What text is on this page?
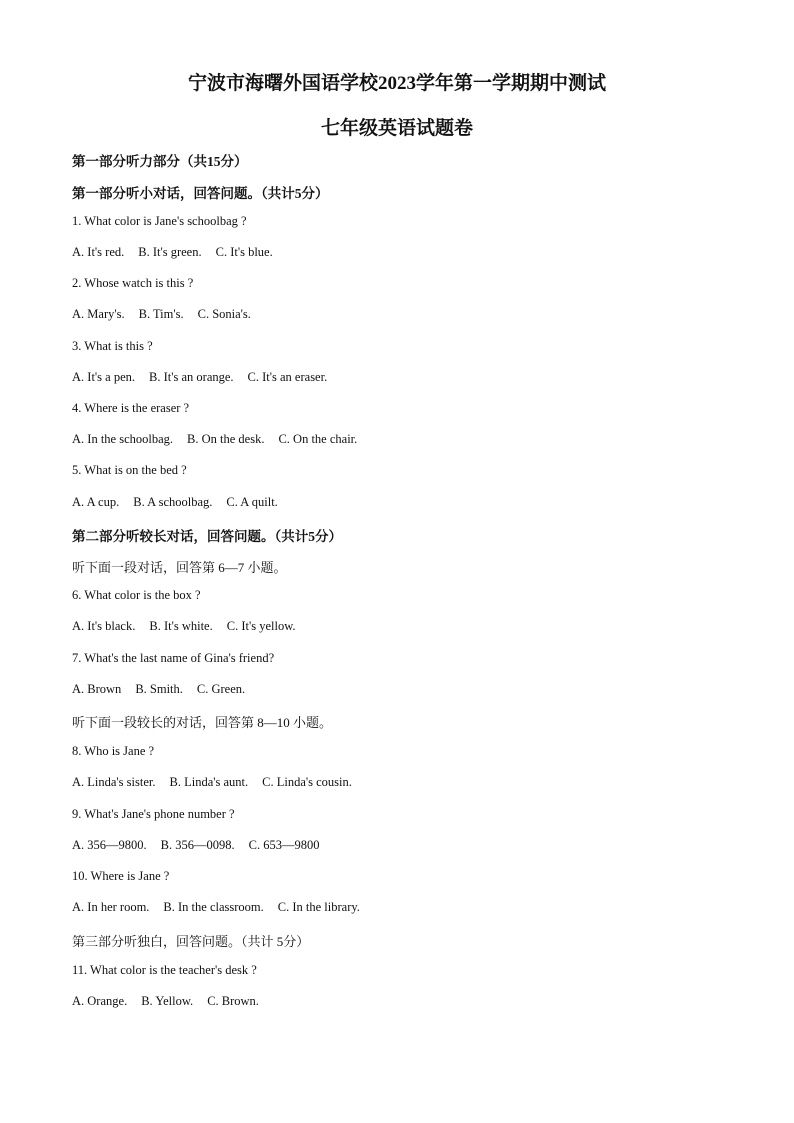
宁波市海曙外国语学校2023学年第一学期期中测试
七年级英语试题卷
第一部分听力部分（共15分）
第一部分听小对话，回答问题。（共计5分）
1. What color is Jane's schoolbag ?
A. It's red. B. It's green. C. It's blue.
2. Whose watch is this ?
A. Mary's. B. Tim's. C. Sonia's.
3. What is this ?
A. It's a pen. B. It's an orange. C. It's an eraser.
4. Where is the eraser ?
A. In the schoolbag. B. On the desk. C. On the chair.
5. What is on the bed ?
A. A cup. B. A schoolbag. C. A quilt.
第二部分听较长对话，回答问题。（共计5分）
听下面一段对话，回答第 6—7 小题。
6. What color is the box ?
A. It's black. B. It's white. C. It's yellow.
7. What's the last name of Gina's friend?
A. Brown B. Smith. C. Green.
听下面一段较长的对话，回答第 8—10 小题。
8. Who is Jane ?
A. Linda's sister. B. Linda's aunt. C. Linda's cousin.
9. What's Jane's phone number ?
A. 356—9800. B. 356—0098. C. 653—9800
10. Where is Jane ?
A. In her room. B. In the classroom. C. In the library.
第三部分听独白，回答问题。（共计 5分）
11. What color is the teacher's desk ?
A. Orange. B. Yellow. C. Brown.
